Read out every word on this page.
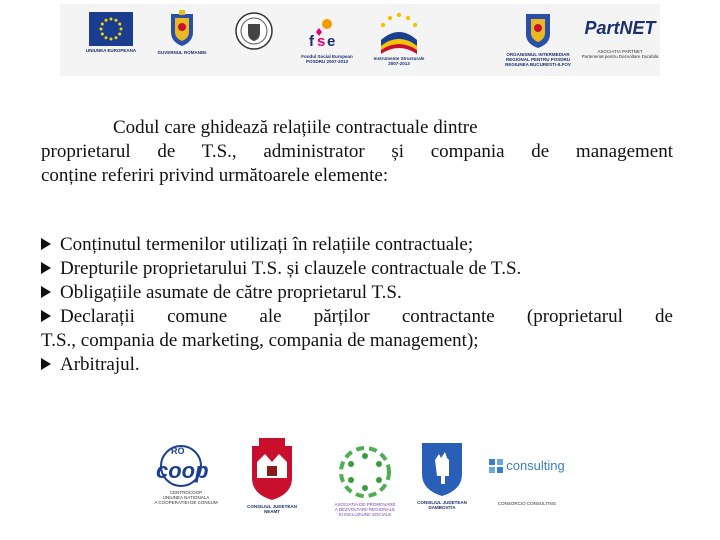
UNIUNEA EUROPEANA	GUVERNUL ROMANIEI
f s e
Fondul Social European
POSDRU 2007-2013
Instrumente Structurale
2007-2013
ORGANISMUL INTERMEDIAR
REGIONAL PENTRU POSDRU
REGIUNEA BUCURESTI-ILFOV
PartNET
ASOCIATIA PARTNET
Parteneriat pentru Dezvoltare Durabila
Codul care ghidează relațiile contractuale dintre
proprietarul de T.S., administrator și compania de management
conține referiri privind următoarele elemente:
Conținutul termenilor utilizați în relațiile contractuale;
Drepturile proprietarului T.S. și clauzele contractuale de T.S.
Obligațiile asumate de către proprietarul T.S.
Declarații comune ale părților contractante (proprietarul de
T.S., compania de marketing, compania de management);
Arbitrajul.
RO
coop
CENTROCOOP
UNIUNEA NATIONALA
A COOPERATIEI DE CONSUM
CONSILIUL JUDETEAN
NEAMT
ASOCIATIA DE PROMOVARE
A DEZVOLTARII REGIONALE
SI INCLUZIUNII SOCIALE
CONSILIUL JUDETEAN
DAMBOVITA
consulting
CONSORCIO CONSULTING
